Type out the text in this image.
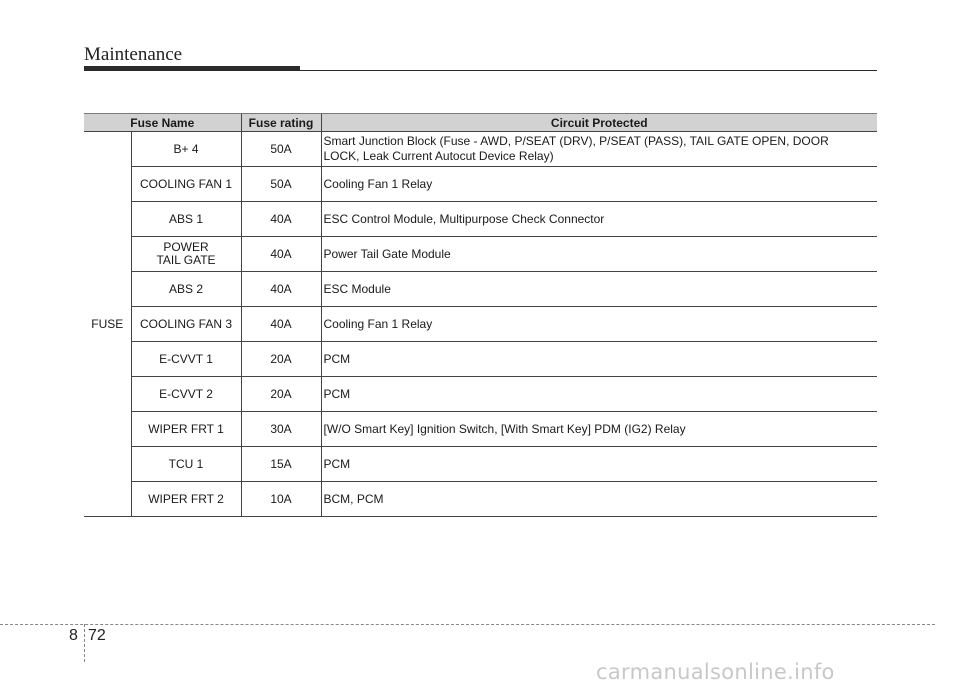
Maintenance
Fuse Name		Fuse rating	Circuit Protected
FUSE	B+ 4	50A	Smart Junction Block (Fuse - AWD, P/SEAT (DRV), P/SEAT (PASS), TAIL GATE OPEN, DOOR
LOCK, Leak Current Autocut Device Relay)
	COOLING FAN 1	50A	Cooling Fan 1 Relay
	ABS 1	40A	ESC Control Module, Multipurpose Check Connector
	POWER
TAIL GATE	40A	Power Tail Gate Module
	ABS 2	40A	ESC Module
	COOLING FAN 3	40A	Cooling Fan 1 Relay
	E-CVVT 1	20A	PCM
	E-CVVT 2	20A	PCM
	WIPER FRT 1	30A	[W/O Smart Key] Ignition Switch, [With Smart Key] PDM (IG2) Relay
	TCU 1	15A	PCM
	WIPER FRT 2	10A	BCM, PCM
8 72
carmanualsonline.info
